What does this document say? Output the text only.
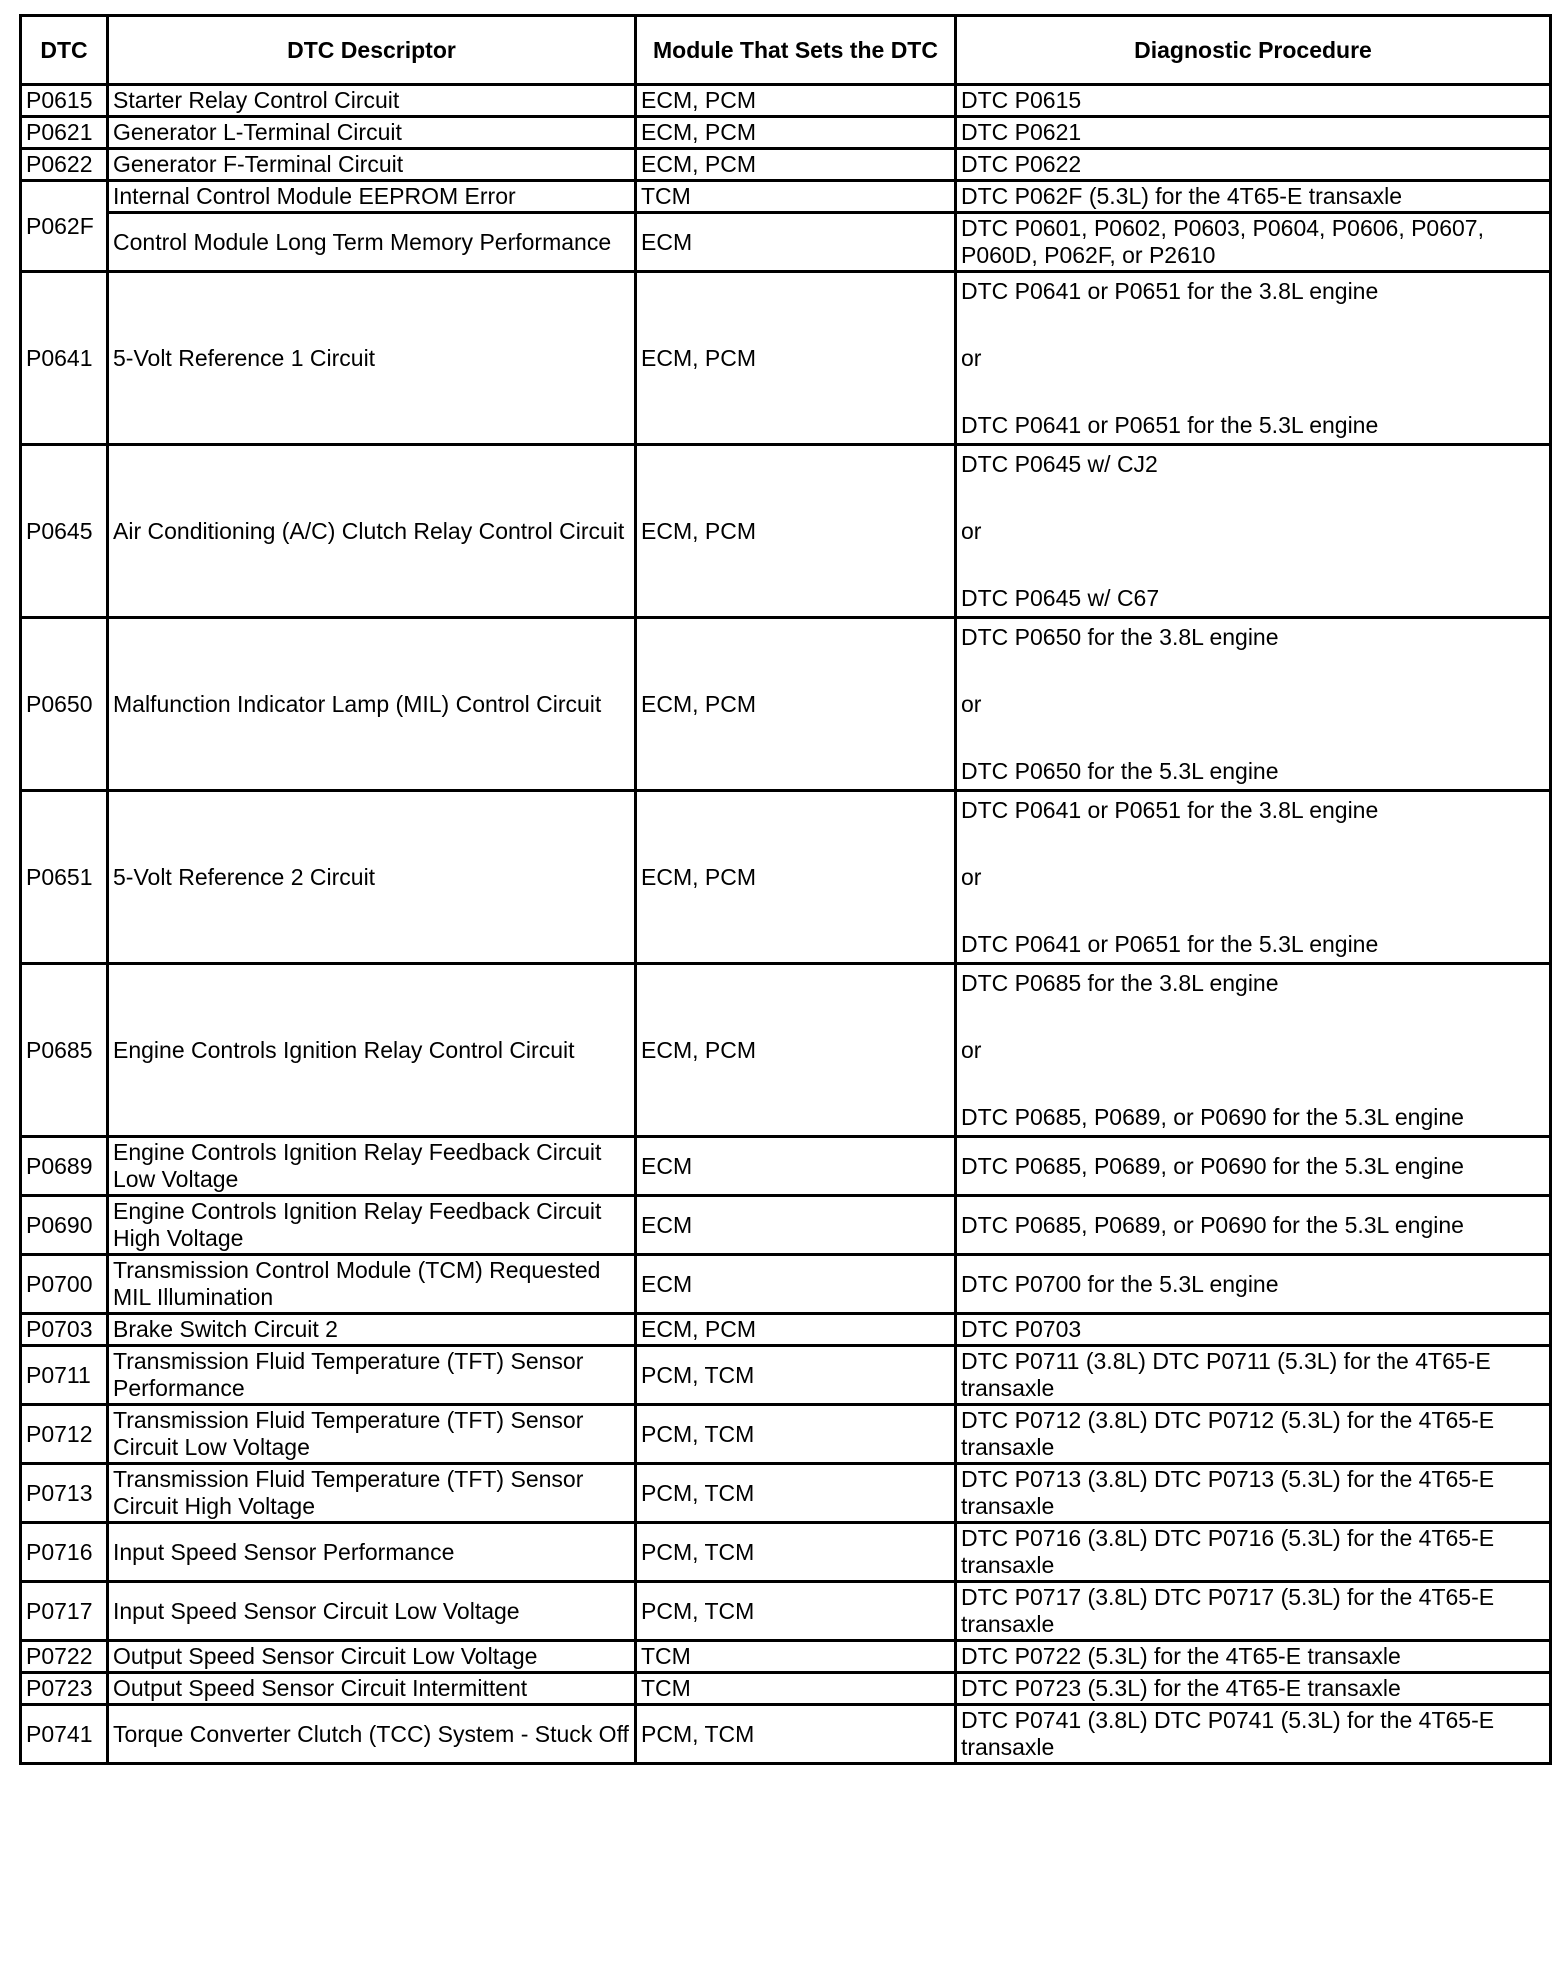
DTC	DTC Descriptor	Module That Sets the DTC	Diagnostic Procedure
P0615	Starter Relay Control Circuit	ECM, PCM	DTC P0615
P0621	Generator L-Terminal Circuit	ECM, PCM	DTC P0621
P0622	Generator F-Terminal Circuit	ECM, PCM	DTC P0622
P062F	Internal Control Module EEPROM Error	TCM	DTC P062F (5.3L) for the 4T65-E transaxle
	Control Module Long Term Memory Performance	ECM	DTC P0601, P0602, P0603, P0604, P0606, P0607, P060D, P062F, or P2610
P0641	5-Volt Reference 1 Circuit	ECM, PCM	DTC P0641 or P0651 for the 3.8L engine
or
DTC P0641 or P0651 for the 5.3L engine
P0645	Air Conditioning (A/C) Clutch Relay Control Circuit	ECM, PCM	DTC P0645 w/ CJ2
or
DTC P0645 w/ C67
P0650	Malfunction Indicator Lamp (MIL) Control Circuit	ECM, PCM	DTC P0650 for the 3.8L engine
or
DTC P0650 for the 5.3L engine
P0651	5-Volt Reference 2 Circuit	ECM, PCM	DTC P0641 or P0651 for the 3.8L engine
or
DTC P0641 or P0651 for the 5.3L engine
P0685	Engine Controls Ignition Relay Control Circuit	ECM, PCM	DTC P0685 for the 3.8L engine
or
DTC P0685, P0689, or P0690 for the 5.3L engine
P0689	Engine Controls Ignition Relay Feedback Circuit Low Voltage	ECM	DTC P0685, P0689, or P0690 for the 5.3L engine
P0690	Engine Controls Ignition Relay Feedback Circuit High Voltage	ECM	DTC P0685, P0689, or P0690 for the 5.3L engine
P0700	Transmission Control Module (TCM) Requested MIL Illumination	ECM	DTC P0700 for the 5.3L engine
P0703	Brake Switch Circuit 2	ECM, PCM	DTC P0703
P0711	Transmission Fluid Temperature (TFT) Sensor Performance	PCM, TCM	DTC P0711 (3.8L) DTC P0711 (5.3L) for the 4T65-E transaxle
P0712	Transmission Fluid Temperature (TFT) Sensor Circuit Low Voltage	PCM, TCM	DTC P0712 (3.8L) DTC P0712 (5.3L) for the 4T65-E transaxle
P0713	Transmission Fluid Temperature (TFT) Sensor Circuit High Voltage	PCM, TCM	DTC P0713 (3.8L) DTC P0713 (5.3L) for the 4T65-E transaxle
P0716	Input Speed Sensor Performance	PCM, TCM	DTC P0716 (3.8L) DTC P0716 (5.3L) for the 4T65-E transaxle
P0717	Input Speed Sensor Circuit Low Voltage	PCM, TCM	DTC P0717 (3.8L) DTC P0717 (5.3L) for the 4T65-E transaxle
P0722	Output Speed Sensor Circuit Low Voltage	TCM	DTC P0722 (5.3L) for the 4T65-E transaxle
P0723	Output Speed Sensor Circuit Intermittent	TCM	DTC P0723 (5.3L) for the 4T65-E transaxle
P0741	Torque Converter Clutch (TCC) System - Stuck Off	PCM, TCM	DTC P0741 (3.8L) DTC P0741 (5.3L) for the 4T65-E transaxle
